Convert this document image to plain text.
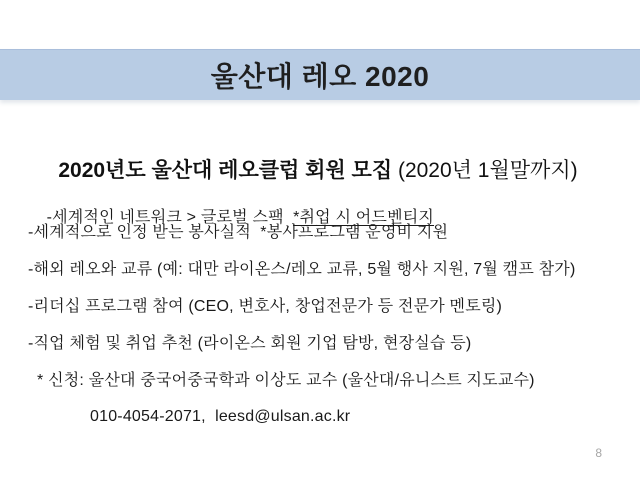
울산대 레오 2020

2020년도 울산대 레오클럽 회원 모집 (2020년 1월말까지)

-세계적인 네트워크 > 글로벌 스팩  *취업 시 어드벤티지

-세계적으로 인정 받는 봉사실적  *봉사프로그램 운영비 지원
-해외 레오와 교류 (예: 대만 라이온스/레오 교류, 5월 행사 지원, 7월 캠프 참가)
-리더십 프로그램 참여 (CEO, 변호사, 창업전문가 등 전문가 멘토링)
-직업 체험 및 취업 추천 (라이온스 회원 기업 탐방, 현장실습 등)
* 신청: 울산대 중국어중국학과 이상도 교수 (울산대/유니스트 지도교수)
010-4054-2071,  leesd@ulsan.ac.kr
8
